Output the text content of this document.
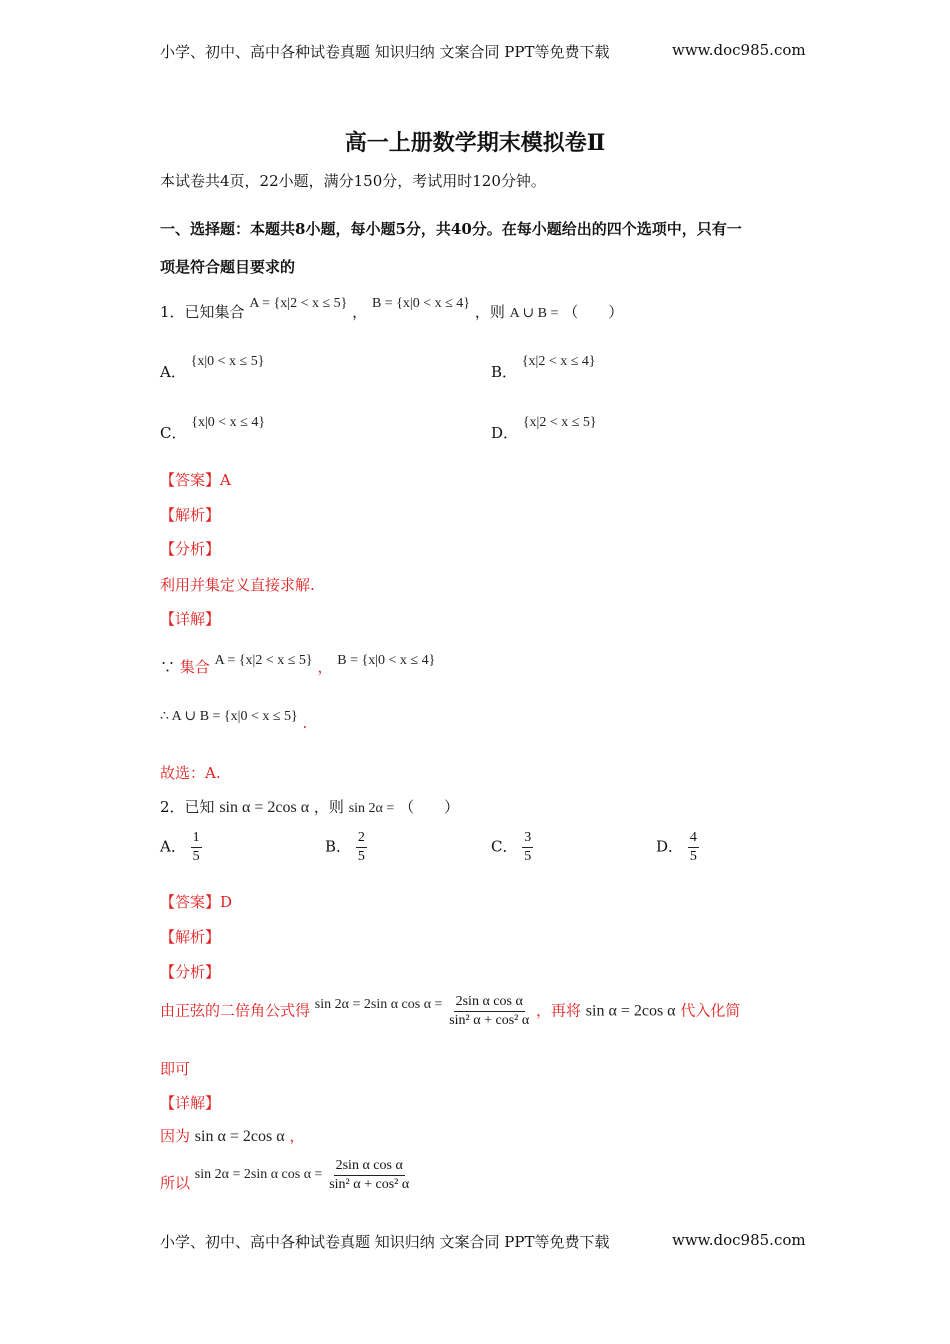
小学、初中、高中各种试卷真题 知识归纳 文案合同 PPT等免费下载	www.doc985.com
高一上册数学期末模拟卷Ⅱ
本试卷共4页，22小题，满分150分，考试用时120分钟。
一、选择题：本题共8小题，每小题5分，共40分。在每小题给出的四个选项中，只有一
项是符合题目要求的
1．已知集合 A = {x|2 < x ≤ 5} ， B = {x|0 < x ≤ 4} ，则 A ∪ B = （　　）
A． {x|0 < x ≤ 5}
B． {x|2 < x ≤ 4}
C． {x|0 < x ≤ 4}
D． {x|2 < x ≤ 5}
【答案】A
【解析】
【分析】
利用并集定义直接求解.
【详解】
∵ 集合 A = {x|2 < x ≤ 5} ， B = {x|0 < x ≤ 4}
∴ A ∪ B = {x|0 < x ≤ 5} .
故选：A.
2．已知 sin α = 2cos α ，则 sin 2α = （　　）
A． $\frac{1}{5}$	B． $\frac{2}{5}$	C． $\frac{3}{5}$	D． $\frac{4}{5}$
【答案】D
【解析】
【分析】
由正弦的二倍角公式得 sin 2α = 2sin α $\cos \alpha = \frac{\text{2sin α cos α}}{\text{sin² α + cos² α}}$ ，再将 sin α = 2cos α 代入化简
即可
【详解】
因为 sin α = 2cos α ，
所以 sin 2α = 2sin α $\cos \alpha = \frac{\text{2sin α cos α}}{\text{sin² α + cos² α}}$
小学、初中、高中各种试卷真题 知识归纳 文案合同 PPT等免费下载	www.doc985.com
